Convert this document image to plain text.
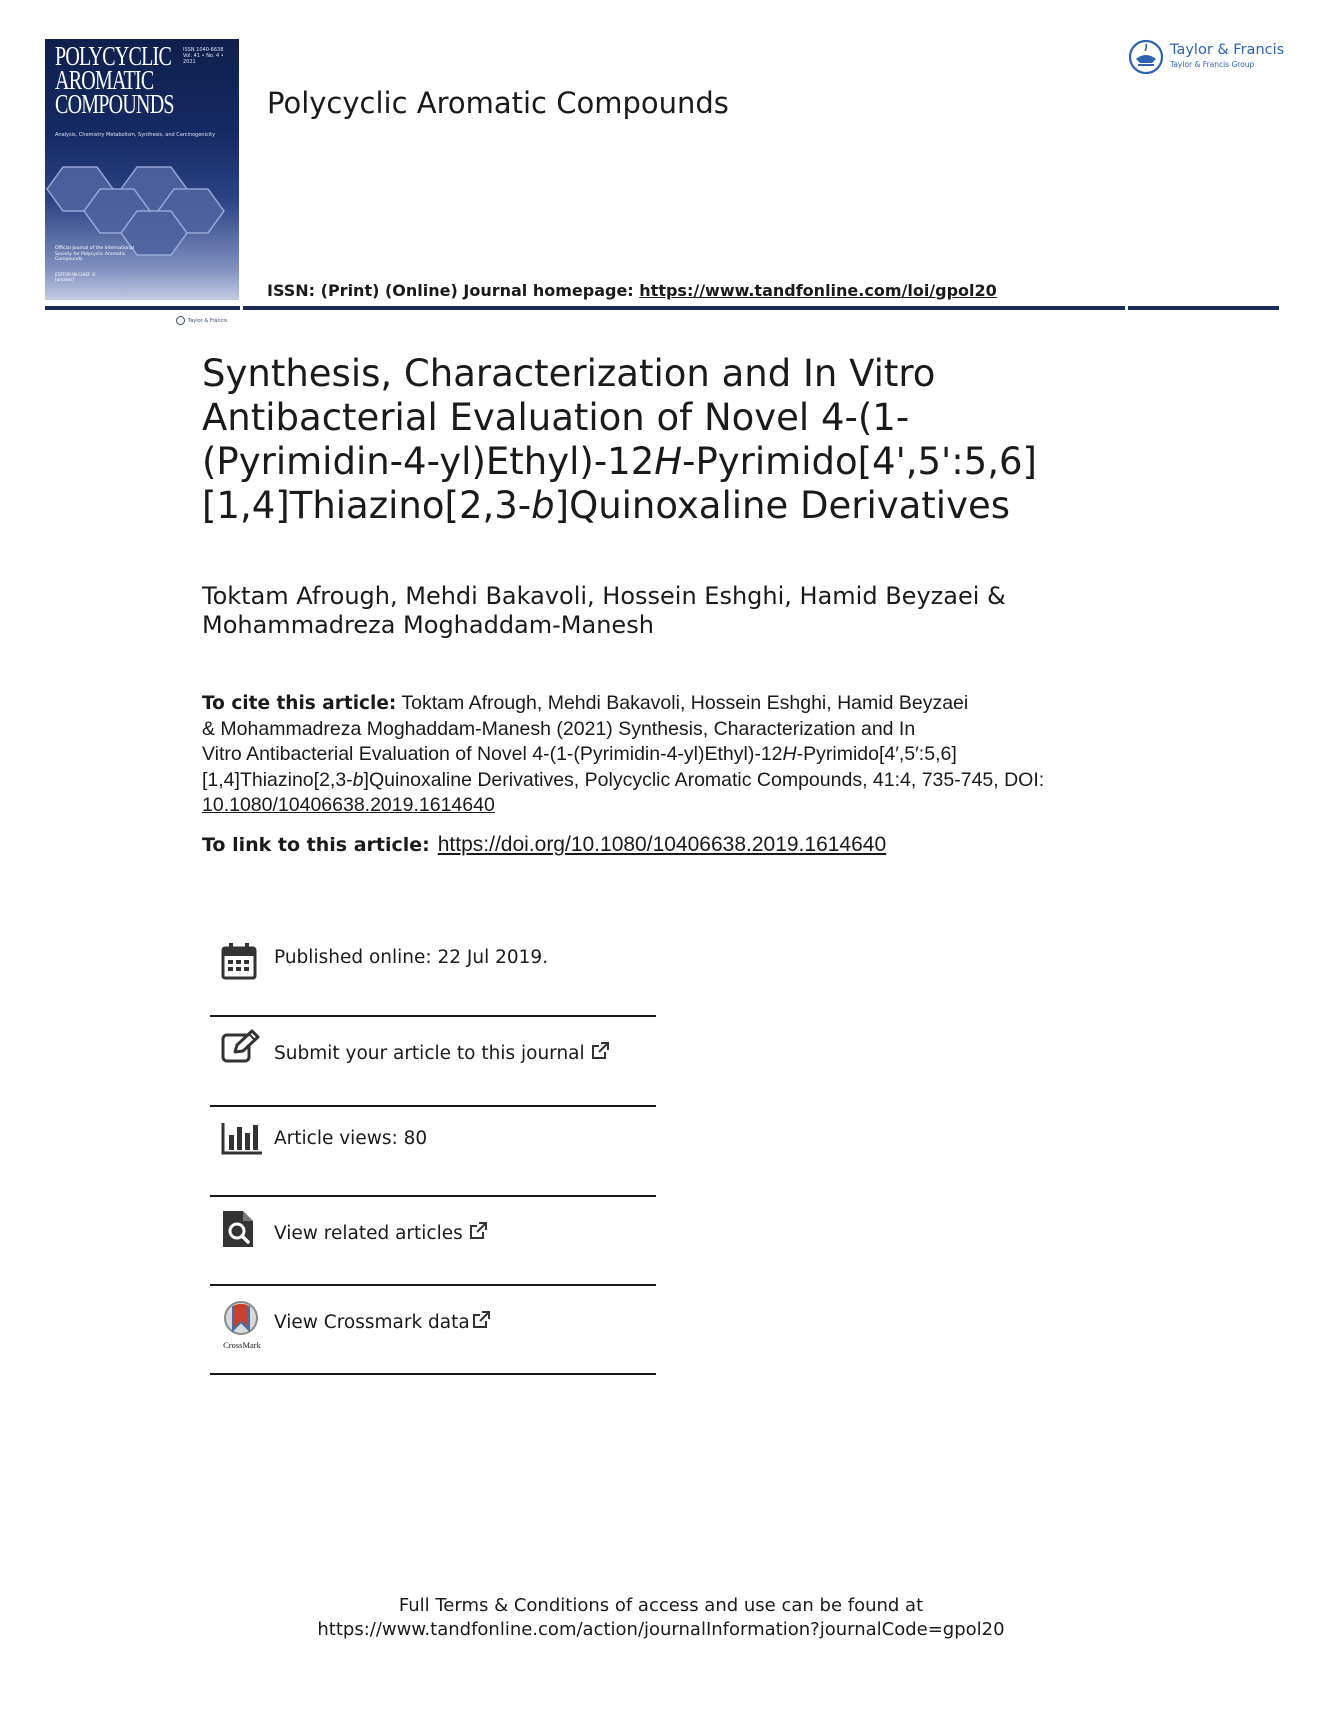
POLYCYCLIC
AROMATIC
COMPOUNDS
ISSN 1040-6638
Vol. 41 • No. 4 • 2021
Analysis, Chemistry Metabolism, Synthesis, and Carcinogenicity
Official Journal of the International Society for Polycyclic Aromatic Compounds
EDITOR-IN-CHIEF © [unclear]
Taylor & Francis
Polycyclic Aromatic Compounds
ISSN: (Print) (Online) Journal homepage: https://www.tandfonline.com/loi/gpol20
Taylor & Francis
Taylor & Francis Group
Synthesis, Characterization and In Vitro
Antibacterial Evaluation of Novel 4-(1-
(Pyrimidin-4-yl)Ethyl)-12H-Pyrimido[4',5':5,6]
[1,4]Thiazino[2,3-b]Quinoxaline Derivatives
Toktam Afrough, Mehdi Bakavoli, Hossein Eshghi, Hamid Beyzaei &
Mohammadreza Moghaddam-Manesh
To cite this article: Toktam Afrough, Mehdi Bakavoli, Hossein Eshghi, Hamid Beyzaei
& Mohammadreza Moghaddam-Manesh (2021) Synthesis, Characterization and In
Vitro Antibacterial Evaluation of Novel 4-(1-(Pyrimidin-4-yl)Ethyl)-12H-Pyrimido[4′,5′:5,6]
[1,4]Thiazino[2,3-b]Quinoxaline Derivatives, Polycyclic Aromatic Compounds, 41:4, 735-745, DOI:
10.1080/10406638.2019.1614640
To link to this article: https://doi.org/10.1080/10406638.2019.1614640
Published online: 22 Jul 2019.
Submit your article to this journal
Article views: 80
View related articles
CrossMark
View Crossmark data
Full Terms & Conditions of access and use can be found at
https://www.tandfonline.com/action/journalInformation?journalCode=gpol20
